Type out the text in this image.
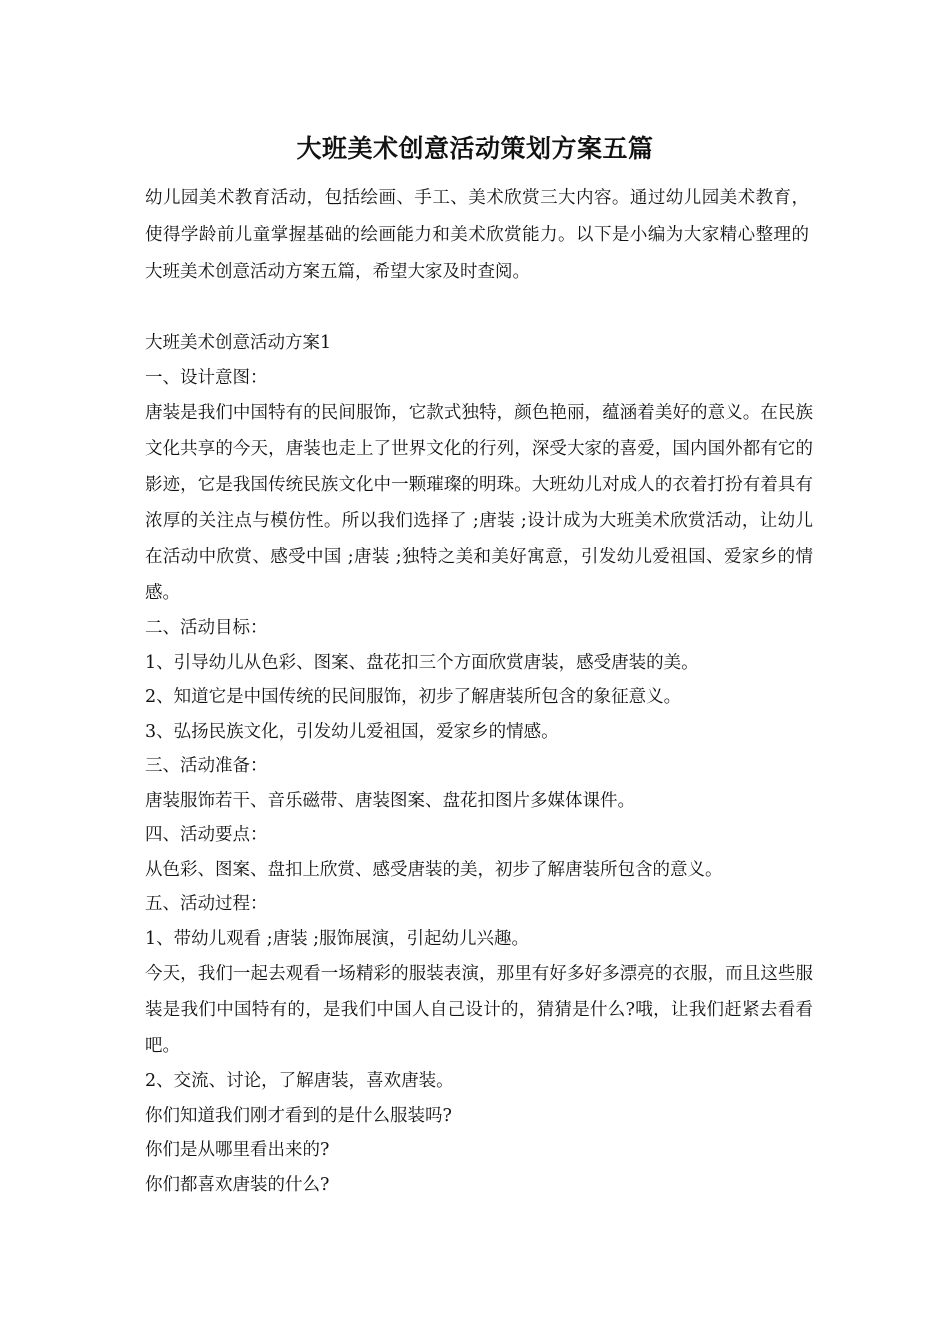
大班美术创意活动策划方案五篇
幼儿园美术教育活动，包括绘画、手工、美术欣赏三大内容。通过幼儿园美术教育，使得学龄前儿童掌握基础的绘画能力和美术欣赏能力。以下是小编为大家精心整理的大班美术创意活动方案五篇，希望大家及时查阅。

大班美术创意活动方案1

一、设计意图：

唐装是我们中国特有的民间服饰，它款式独特，颜色艳丽，蕴涵着美好的意义。在民族文化共享的今天，唐装也走上了世界文化的行列，深受大家的喜爱，国内国外都有它的影迹，它是我国传统民族文化中一颗璀璨的明珠。大班幼儿对成人的衣着打扮有着具有浓厚的关注点与模仿性。所以我们选择了 ;唐装 ;设计成为大班美术欣赏活动，让幼儿在活动中欣赏、感受中国 ;唐装 ;独特之美和美好寓意，引发幼儿爱祖国、爱家乡的情感。

二、活动目标：

1、引导幼儿从色彩、图案、盘花扣三个方面欣赏唐装，感受唐装的美。

2、知道它是中国传统的民间服饰，初步了解唐装所包含的象征意义。

3、弘扬民族文化，引发幼儿爱祖国，爱家乡的情感。

三、活动准备：

唐装服饰若干、音乐磁带、唐装图案、盘花扣图片多媒体课件。

四、活动要点：

从色彩、图案、盘扣上欣赏、感受唐装的美，初步了解唐装所包含的意义。

五、活动过程：

1、带幼儿观看 ;唐装 ;服饰展演，引起幼儿兴趣。

今天，我们一起去观看一场精彩的服装表演，那里有好多好多漂亮的衣服，而且这些服装是我们中国特有的，是我们中国人自己设计的，猜猜是什么?哦，让我们赶紧去看看吧。

2、交流、讨论，了解唐装，喜欢唐装。

你们知道我们刚才看到的是什么服装吗?

你们是从哪里看出来的?

你们都喜欢唐装的什么?
